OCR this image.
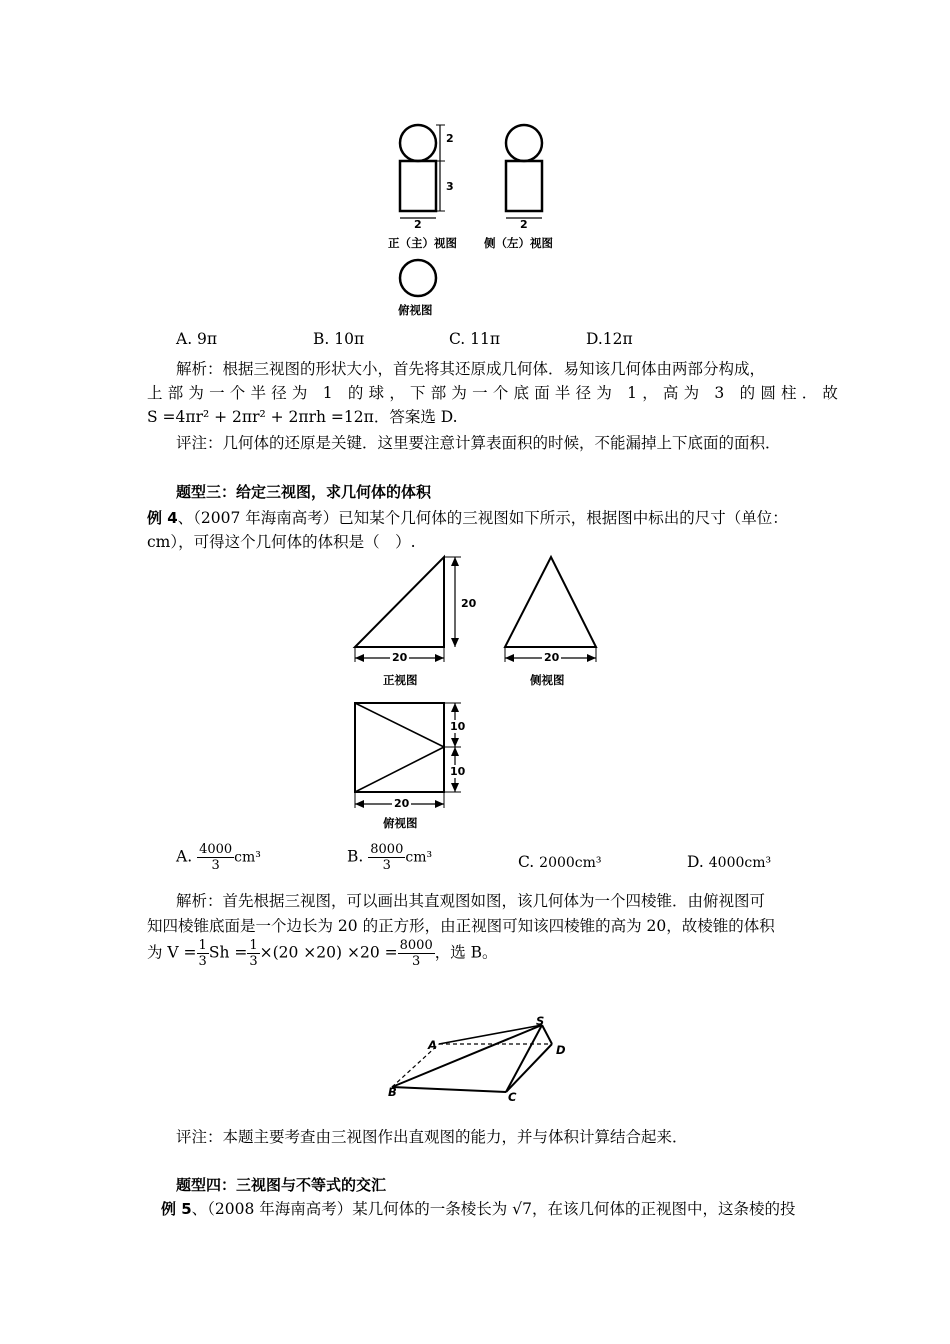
2
3
2	2
正（主）视图 侧（左）视图
俯视图
A. 9π	B. 10π	C. 11π	D.12π
解析：根据三视图的形状大小，首先将其还原成几何体．易知该几何体由两部分构成，
上部为一个半径为 1 的球，下部为一个底面半径为 1，高为 3 的圆柱．故
S =4πr² + 2πr² + 2πrh =12π．答案选 D.
评注：几何体的还原是关键．这里要注意计算表面积的时候，不能漏掉上下底面的面积．
题型三：给定三视图，求几何体的体积
例 4、（2007 年海南高考）已知某个几何体的三视图如下所示，根据图中标出的尺寸（单位：
cm），可得这个几何体的体积是（　）.
20
20	20
正视图	侧视图
10
10
20
俯视图
A. $\frac{4000}{3} cm^3$	B. $\frac{8000}{3} cm^3$	C. 2000cm³	D. 4000cm³
解析：首先根据三视图，可以画出其直观图如图，该几何体为一个四棱锥．由俯视图可
知四棱锥底面是一个边长为 20 的正方形，由正视图可知该四棱锥的高为 20，故棱锥的体积
为 $V = \frac{1}{3}$ $Sh = \frac{1}{3} \times(20 \times 20) \times 20 = \frac{8000}{3}$ ，选 B。
S
A	D
B	C
评注：本题主要考查由三视图作出直观图的能力，并与体积计算结合起来．
题型四：三视图与不等式的交汇
例 5、（2008 年海南高考）某几何体的一条棱长为 √7，在该几何体的正视图中，这条棱的投
